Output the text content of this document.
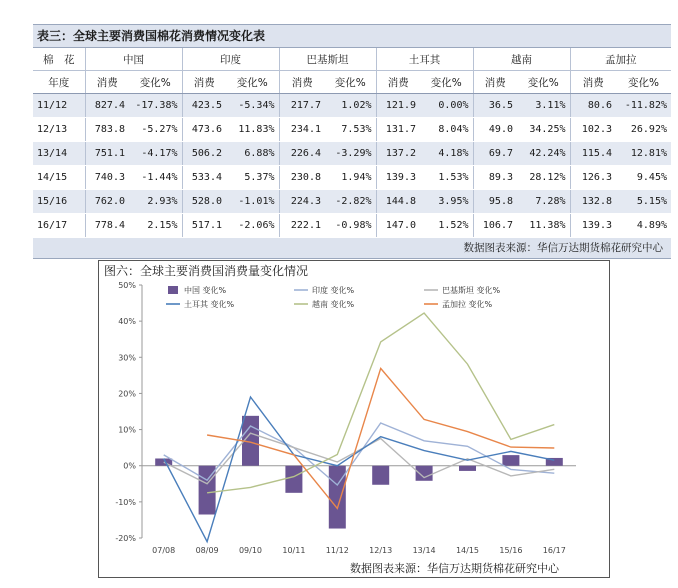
表三：全球主要消费国棉花消费情况变化表
棉　花	中国		印度		巴基斯坦		土耳其		越南		孟加拉	
年度	消费	变化%	消费	变化%	消费	变化%	消费	变化%	消费	变化%	消费	变化%
11/12	827.4	-17.38%	423.5	-5.34%	217.7	1.02%	121.9	0.00%	36.5	3.11%	80.6	-11.82%
12/13	783.8	-5.27%	473.6	11.83%	234.1	7.53%	131.7	8.04%	49.0	34.25%	102.3	26.92%
13/14	751.1	-4.17%	506.2	6.88%	226.4	-3.29%	137.2	4.18%	69.7	42.24%	115.4	12.81%
14/15	740.3	-1.44%	533.4	5.37%	230.8	1.94%	139.3	1.53%	89.3	28.12%	126.3	9.45%
15/16	762.0	2.93%	528.0	-1.01%	224.3	-2.82%	144.8	3.95%	95.8	7.28%	132.8	5.15%
16/17	778.4	2.15%	517.1	-2.06%	222.1	-0.98%	147.0	1.52%	106.7	11.38%	139.3	4.89%
数据图表来源：华信万达期货棉花研究中心
图六：全球主要消费国消费量变化情况
-20%
-10%
0%
10%
20%
30%
40%
50%
07/08	08/09	09/10	10/11	11/12	12/13	13/14	14/15	15/16	16/17
中国 变化%	印度 变化%	巴基斯坦 变化%
土耳其 变化%	越南 变化%	孟加拉 变化%
数据图表来源：华信万达期货棉花研究中心
